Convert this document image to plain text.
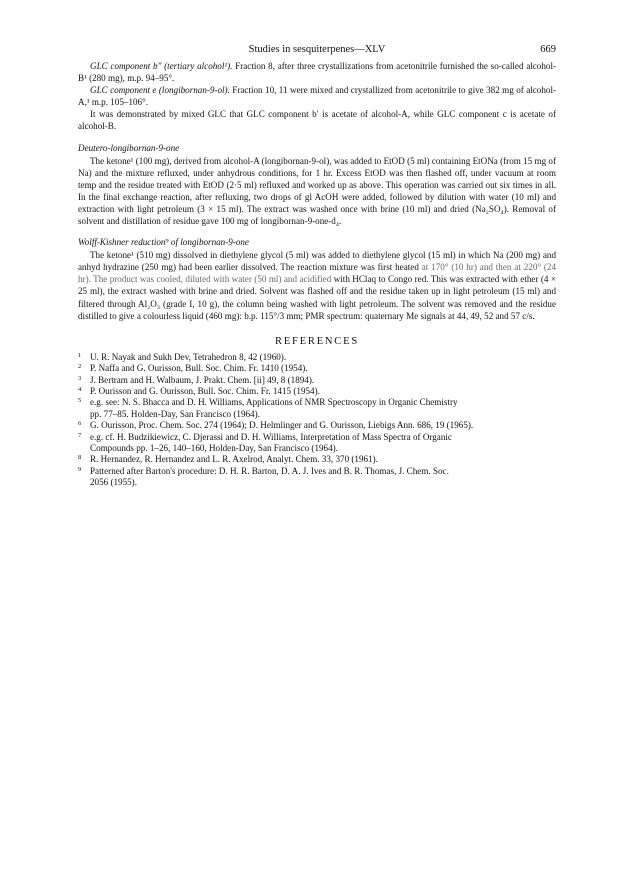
Studies in sesquiterpenes—XLV	669

GLC component b″ (tertiary alcohol¹). Fraction 8, after three crystallizations from acetonitrile furnished the so-called alcohol-B¹ (280 mg), m.p. 94–95°.

GLC component e (longibornan-9-ol). Fraction 10, 11 were mixed and crystallized from acetonitrile to give 382 mg of alcohol-A,¹ m.p. 105–106°.

It was demonstrated by mixed GLC that GLC component b′ is acetate of alcohol-A, while GLC component c is acetate of alcohol-B.

Deutero-longibornan-9-one

The ketone¹ (100 mg), derived from alcohol-A (longibornan-9-ol), was added to EtOD (5 ml) containing EtONa (from 15 mg of Na) and the mixture refluxed, under anhydrous conditions, for 1 hr. Excess EtOD was then flashed off, under vacuum at room temp and the residue treated with EtOD (2·5 ml) refluxed and worked up as above. This operation was carried out six times in all. In the final exchange reaction, after refluxing, two drops of gl AcOH were added, followed by dilution with water (10 ml) and extraction with light petroleum (3 × 15 ml). The extract was washed once with brine (10 ml) and dried (Na₂SO₄). Removal of solvent and distillation of residue gave 100 mg of longibornan-9-one-d₄.

Wolff-Kishner reduction⁹ of longibornan-9-one

The ketone¹ (510 mg) dissolved in diethylene glycol (5 ml) was added to diethylene glycol (15 ml) in which Na (200 mg) and anhyd hydrazine (250 mg) had been earlier dissolved. The reaction mixture was first heated at 170° (10 hr) and then at 220° (24 hr). The product was cooled, diluted with water (50 ml) and acidified with HClaq to Congo red. This was extracted with ether (4 × 25 ml), the extract washed with brine and dried. Solvent was flashed off and the residue taken up in light petroleum (15 ml) and filtered through Al₂O₃ (grade I, 10 g), the column being washed with light petroleum. The solvent was removed and the residue distilled to give a colourless liquid (460 mg): b.p. 115°/3 mm; PMR spectrum: quaternary Me signals at 44, 49, 52 and 57 c/s.

REFERENCES
1 U. R. Nayak and Sukh Dev, Tetrahedron 8, 42 (1960).
2 P. Naffa and G. Ourisson, Bull. Soc. Chim. Fr. 1410 (1954).
3 J. Bertram and H. Walbaum, J. Prakt. Chem. [ii] 49, 8 (1894).
4 P. Ourisson and G. Ourisson, Bull. Soc. Chim. Fr. 1415 (1954).
5 e.g. see: N. S. Bhacca and D. H. Williams, Applications of NMR Spectroscopy in Organic Chemistry
pp. 77–85. Holden-Day, San Francisco (1964).
6 G. Ourisson, Proc. Chem. Soc. 274 (1964); D. Helmlinger and G. Ourisson, Liebigs Ann. 686, 19 (1965).
7 e.g. cf. H. Budzikiewicz, C. Djerassi and D. H. Williams, Interpretation of Mass Spectra of Organic
Compounds pp. 1–26, 140–160, Holden-Day, San Francisco (1964).
8 R. Hernandez, R. Hernandez and L. R. Axelrod, Analyt. Chem. 33, 370 (1961).
9 Patterned after Barton's procedure: D. H. R. Barton, D. A. J. Ives and B. R. Thomas, J. Chem. Soc.
2056 (1955).
